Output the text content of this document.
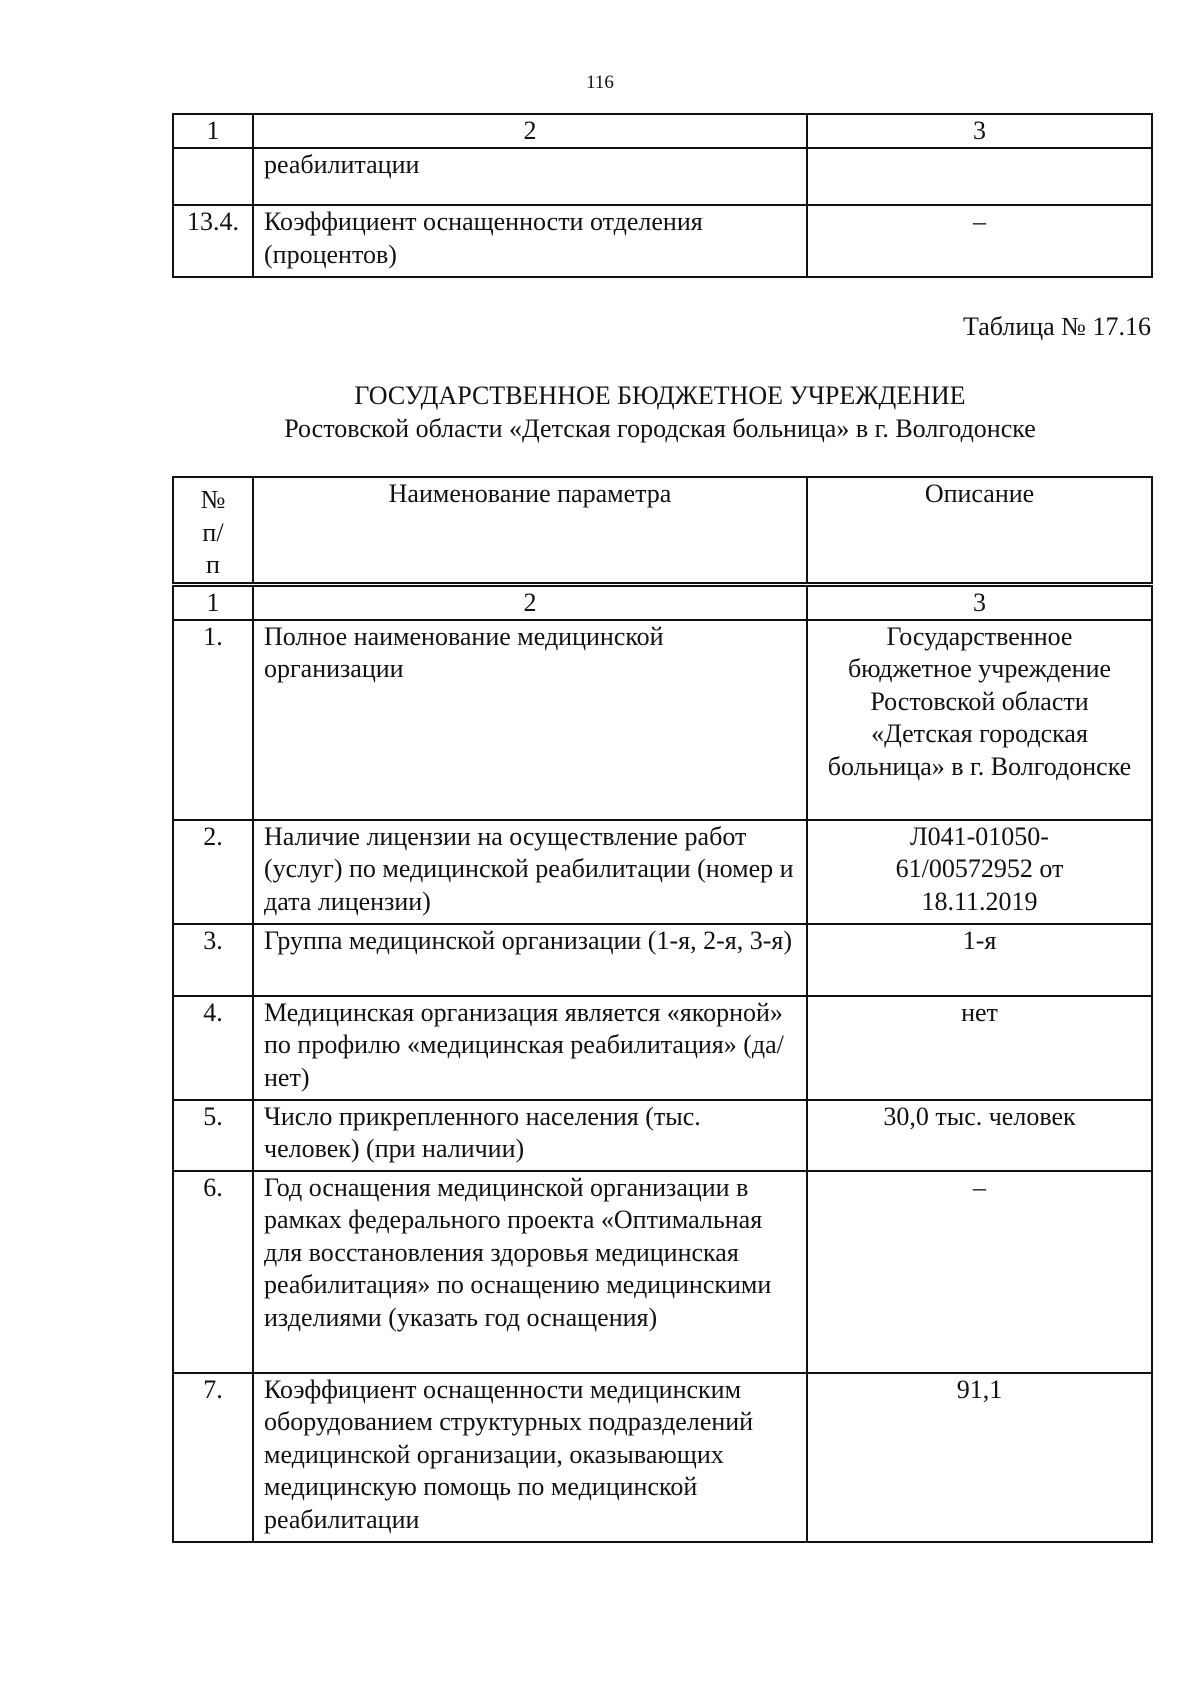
116
1	2	3
	реабилитации	
13.4.	Коэффициент оснащенности отделения (процентов)	–
Таблица № 17.16
ГОСУДАРСТВЕННОЕ БЮДЖЕТНОЕ УЧРЕЖДЕНИЕ
Ростовской области «Детская городская больница» в г. Волгодонске
№ п/п	Наименование параметра	Описание
1	2	3
1.	Полное наименование медицинской организации	Государственное бюджетное учреждение Ростовской области «Детская городская больница» в г. Волгодонске
2.	Наличие лицензии на осуществление работ (услуг) по медицинской реабилитации (номер и дата лицензии)	Л041-01050-61/00572952 от 18.11.2019
3.	Группа медицинской организации (1-я, 2-я, 3-я)	1-я
4.	Медицинская организация является «якорной» по профилю «медицинская реабилитация» (да/нет)	нет
5.	Число прикрепленного населения (тыс. человек) (при наличии)	30,0 тыс. человек
6.	Год оснащения медицинской организации в рамках федерального проекта «Оптимальная для восстановления здоровья медицинская реабилитация» по оснащению медицинскими изделиями (указать год оснащения)	–
7.	Коэффициент оснащенности медицинским оборудованием структурных подразделений медицинской организации, оказывающих медицинскую помощь по медицинской реабилитации	91,1
